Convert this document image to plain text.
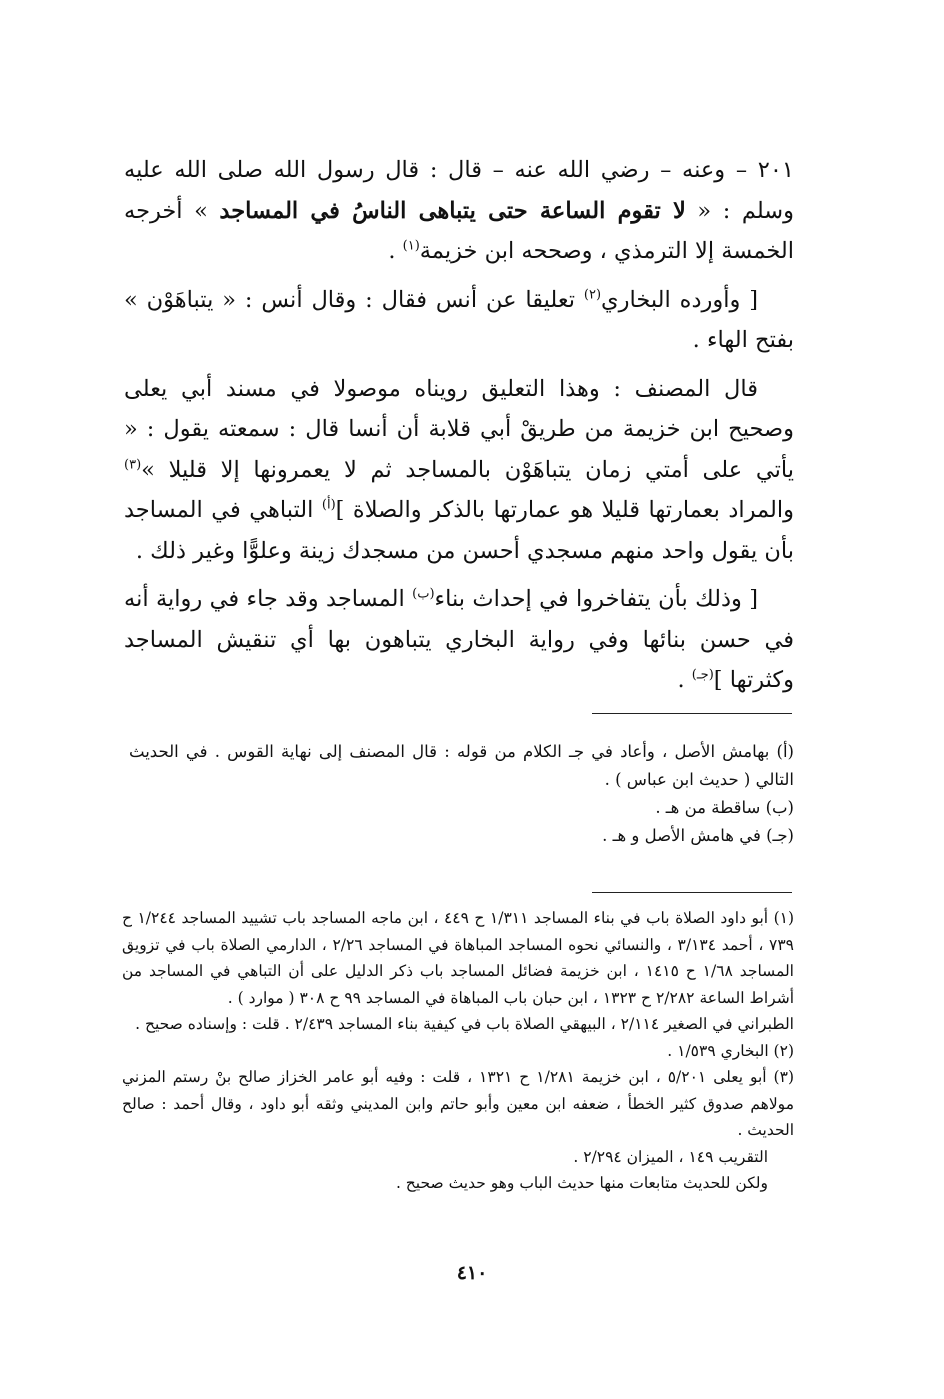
٢٠١ – وعنه – رضي الله عنه – قال : قال رسول الله صلى الله عليه وسلم : « لا تقوم الساعة حتى يتباهى الناسُ في المساجد » أخرجه الخمسة إلا الترمذي ، وصححه ابن خزيمة$^{(١)}$ .

[ وأورده البخاري$^{(٢)}$ تعليقا عن أنس فقال : وقال أنس : « يتباهَوْن » بفتح الهاء .

قال المصنف : وهذا التعليق رويناه موصولا في مسند أبي يعلى وصحيح ابن خزيمة من طريقْ أبي قلابة أن أنسا قال : سمعته يقول : « يأتي على أمتي زمان يتباهَوْن بالمساجد ثم لا يعمرونها إلا قليلا »$^{(٣)}$ والمراد بعمارتها قليلا هو عمارتها بالذكر والصلاة ]$^{(أ)}$ التباهي في المساجد بأن يقول واحد منهم مسجدي أحسن من مسجدك زينة وعلوًّا وغير ذلك .

[ وذلك بأن يتفاخروا في إحداث بناء$^{(ب)}$ المساجد وقد جاء في رواية أنه في حسن بنائها وفي رواية البخاري يتباهون بها أي تنقيش المساجد وكثرتها ]$^{(جـ)}$ .

(أ) بهامش الأصل ، وأعاد في جـ الكلام من قوله : قال المصنف إلى نهاية القوس . في الحديث التالي ( حديث ابن عباس ) .

(ب) ساقطة من هـ .

(جـ) في هامش الأصل و هـ .

(١) أبو داود الصلاة باب في بناء المساجد ١/٣١١ ح ٤٤٩ ، ابن ماجه المساجد باب تشييد المساجد ١/٢٤٤ ح ٧٣٩ ، أحمد ٣/١٣٤ ، والنسائي نحوه المساجد المباهاة في المساجد ٢/٢٦ ، الدارمي الصلاة باب في تزويق المساجد ١/٦٨ ح ١٤١٥ ، ابن خزيمة فضائل المساجد باب ذكر الدليل على أن التباهي في المساجد من أشراط الساعة ٢/٢٨٢ ح ١٣٢٣ ، ابن حبان باب المباهاة في المساجد ٩٩ ح ٣٠٨ ( موارد ) .

الطبراني في الصغير ٢/١١٤ ، البيهقي الصلاة باب في كيفية بناء المساجد ٢/٤٣٩ . قلت : وإسناده صحيح .

(٢) البخاري ١/٥٣٩ .

(٣) أبو يعلى ٥/٢٠١ ، ابن خزيمة ١/٢٨١ ح ١٣٢١ ، قلت : وفيه أبو عامر الخزاز صالح بنْ رستم المزني مولاهم صدوق كثير الخطأ ، ضعفه ابن معين وأبو حاتم وابن المديني وثقه أبو داود ، وقال أحمد : صالح الحديث .

التقريب ١٤٩ ، الميزان ٢/٢٩٤ .

ولكن للحديث متابعات منها حديث الباب وهو حديث صحيح .

٤١٠
